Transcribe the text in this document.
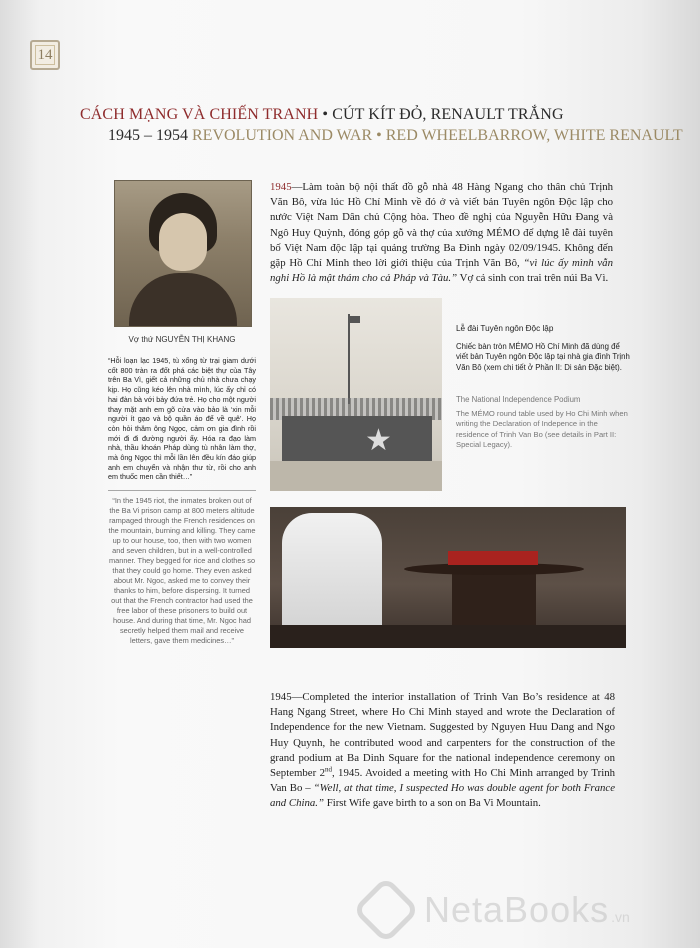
14
CÁCH MẠNG VÀ CHIẾN TRANH • CÚT KÍT ĐỎ, RENAULT TRẮNG
1945 – 1954 REVOLUTION AND WAR • RED WHEELBARROW, WHITE RENAULT
Vợ thứ NGUYỄN THỊ KHANG
“Hỗi loạn lạc 1945, tù xổng từ trại giam dưới cốt 800 tràn ra đốt phá các biệt thự của Tây trên Ba Vì, giết cả những chủ nhà chưa chạy kịp. Họ cũng kéo lên nhà mình, lúc ấy chỉ có hai đàn bà với bảy đứa trẻ. Họ cho một người thay mặt anh em gõ cửa vào bảo là ‘xin mỗi người ít gạo và bộ quần áo để về quê’. Họ còn hỏi thăm ông Ngọc, cảm ơn gia đình rồi mới đi đi đường người ấy. Hóa ra đạo làm nhà, thầu khoán Pháp dùng tù nhân làm thợ, mà ông Ngọc thì mỗi lần lên đều kín đáo giúp anh em chuyển và nhận thư từ, rồi cho anh em thuốc men cần thiết…”
“In the 1945 riot, the inmates broken out of the Ba Vi prison camp at 800 meters altitude rampaged through the French residences on the mountain, burning and killing. They came up to our house, too, then with two women and seven children, but in a well-controlled manner. They begged for rice and clothes so that they could go home. They even asked about Mr. Ngoc, asked me to convey their thanks to him, before dispersing. It turned out that the French contractor had used the free labor of these prisoners to build out house. And during that time, Mr. Ngoc had secretly helped them mail and receive letters, gave them medicines…”
1945—Làm toàn bộ nội thất đồ gỗ nhà 48 Hàng Ngang cho thân chủ Trịnh Văn Bô, vừa lúc Hồ Chí Minh về đó ở và viết bản Tuyên ngôn Độc lập cho nước Việt Nam Dân chủ Cộng hòa. Theo đề nghị của Nguyễn Hữu Đang và Ngô Huy Quỳnh, đóng góp gỗ và thợ của xưởng MÉMO để dựng lễ đài tuyên bố Việt Nam độc lập tại quảng trường Ba Đình ngày 02/09/1945. Không đến gặp Hồ Chí Minh theo lời giới thiệu của Trịnh Văn Bô, “vì lúc ấy mình vẫn nghi Hồ là mật thám cho cả Pháp và Tàu.” Vợ cả sinh con trai trên núi Ba Vì.
★
Lễ đài Tuyên ngôn Độc lập
Chiếc bàn tròn MÉMO Hồ Chí Minh đã dùng để viết bản Tuyên ngôn Độc lập tại nhà gia đình Trịnh Văn Bô (xem chi tiết ở Phần II: Di sản Đặc biệt).
The National Independence Podium
The MÉMO round table used by Ho Chi Minh when writing the Declaration of Indepence in the residence of Trinh Van Bo (see details in Part II: Special Legacy).
1945—Completed the interior installation of Trinh Van Bo’s residence at 48 Hang Ngang Street, where Ho Chi Minh stayed and wrote the Declaration of Independence for the new Vietnam. Suggested by Nguyen Huu Dang and Ngo Huy Quynh, he contributed wood and carpenters for the construction of the grand podium at Ba Dinh Square for the national independence ceremony on September 2nd, 1945. Avoided a meeting with Ho Chi Minh arranged by Trinh Van Bo – “Well, at that time, I suspected Ho was double agent for both France and China.” First Wife gave birth to a son on Ba Vi Mountain.
NetaBooks .vn
